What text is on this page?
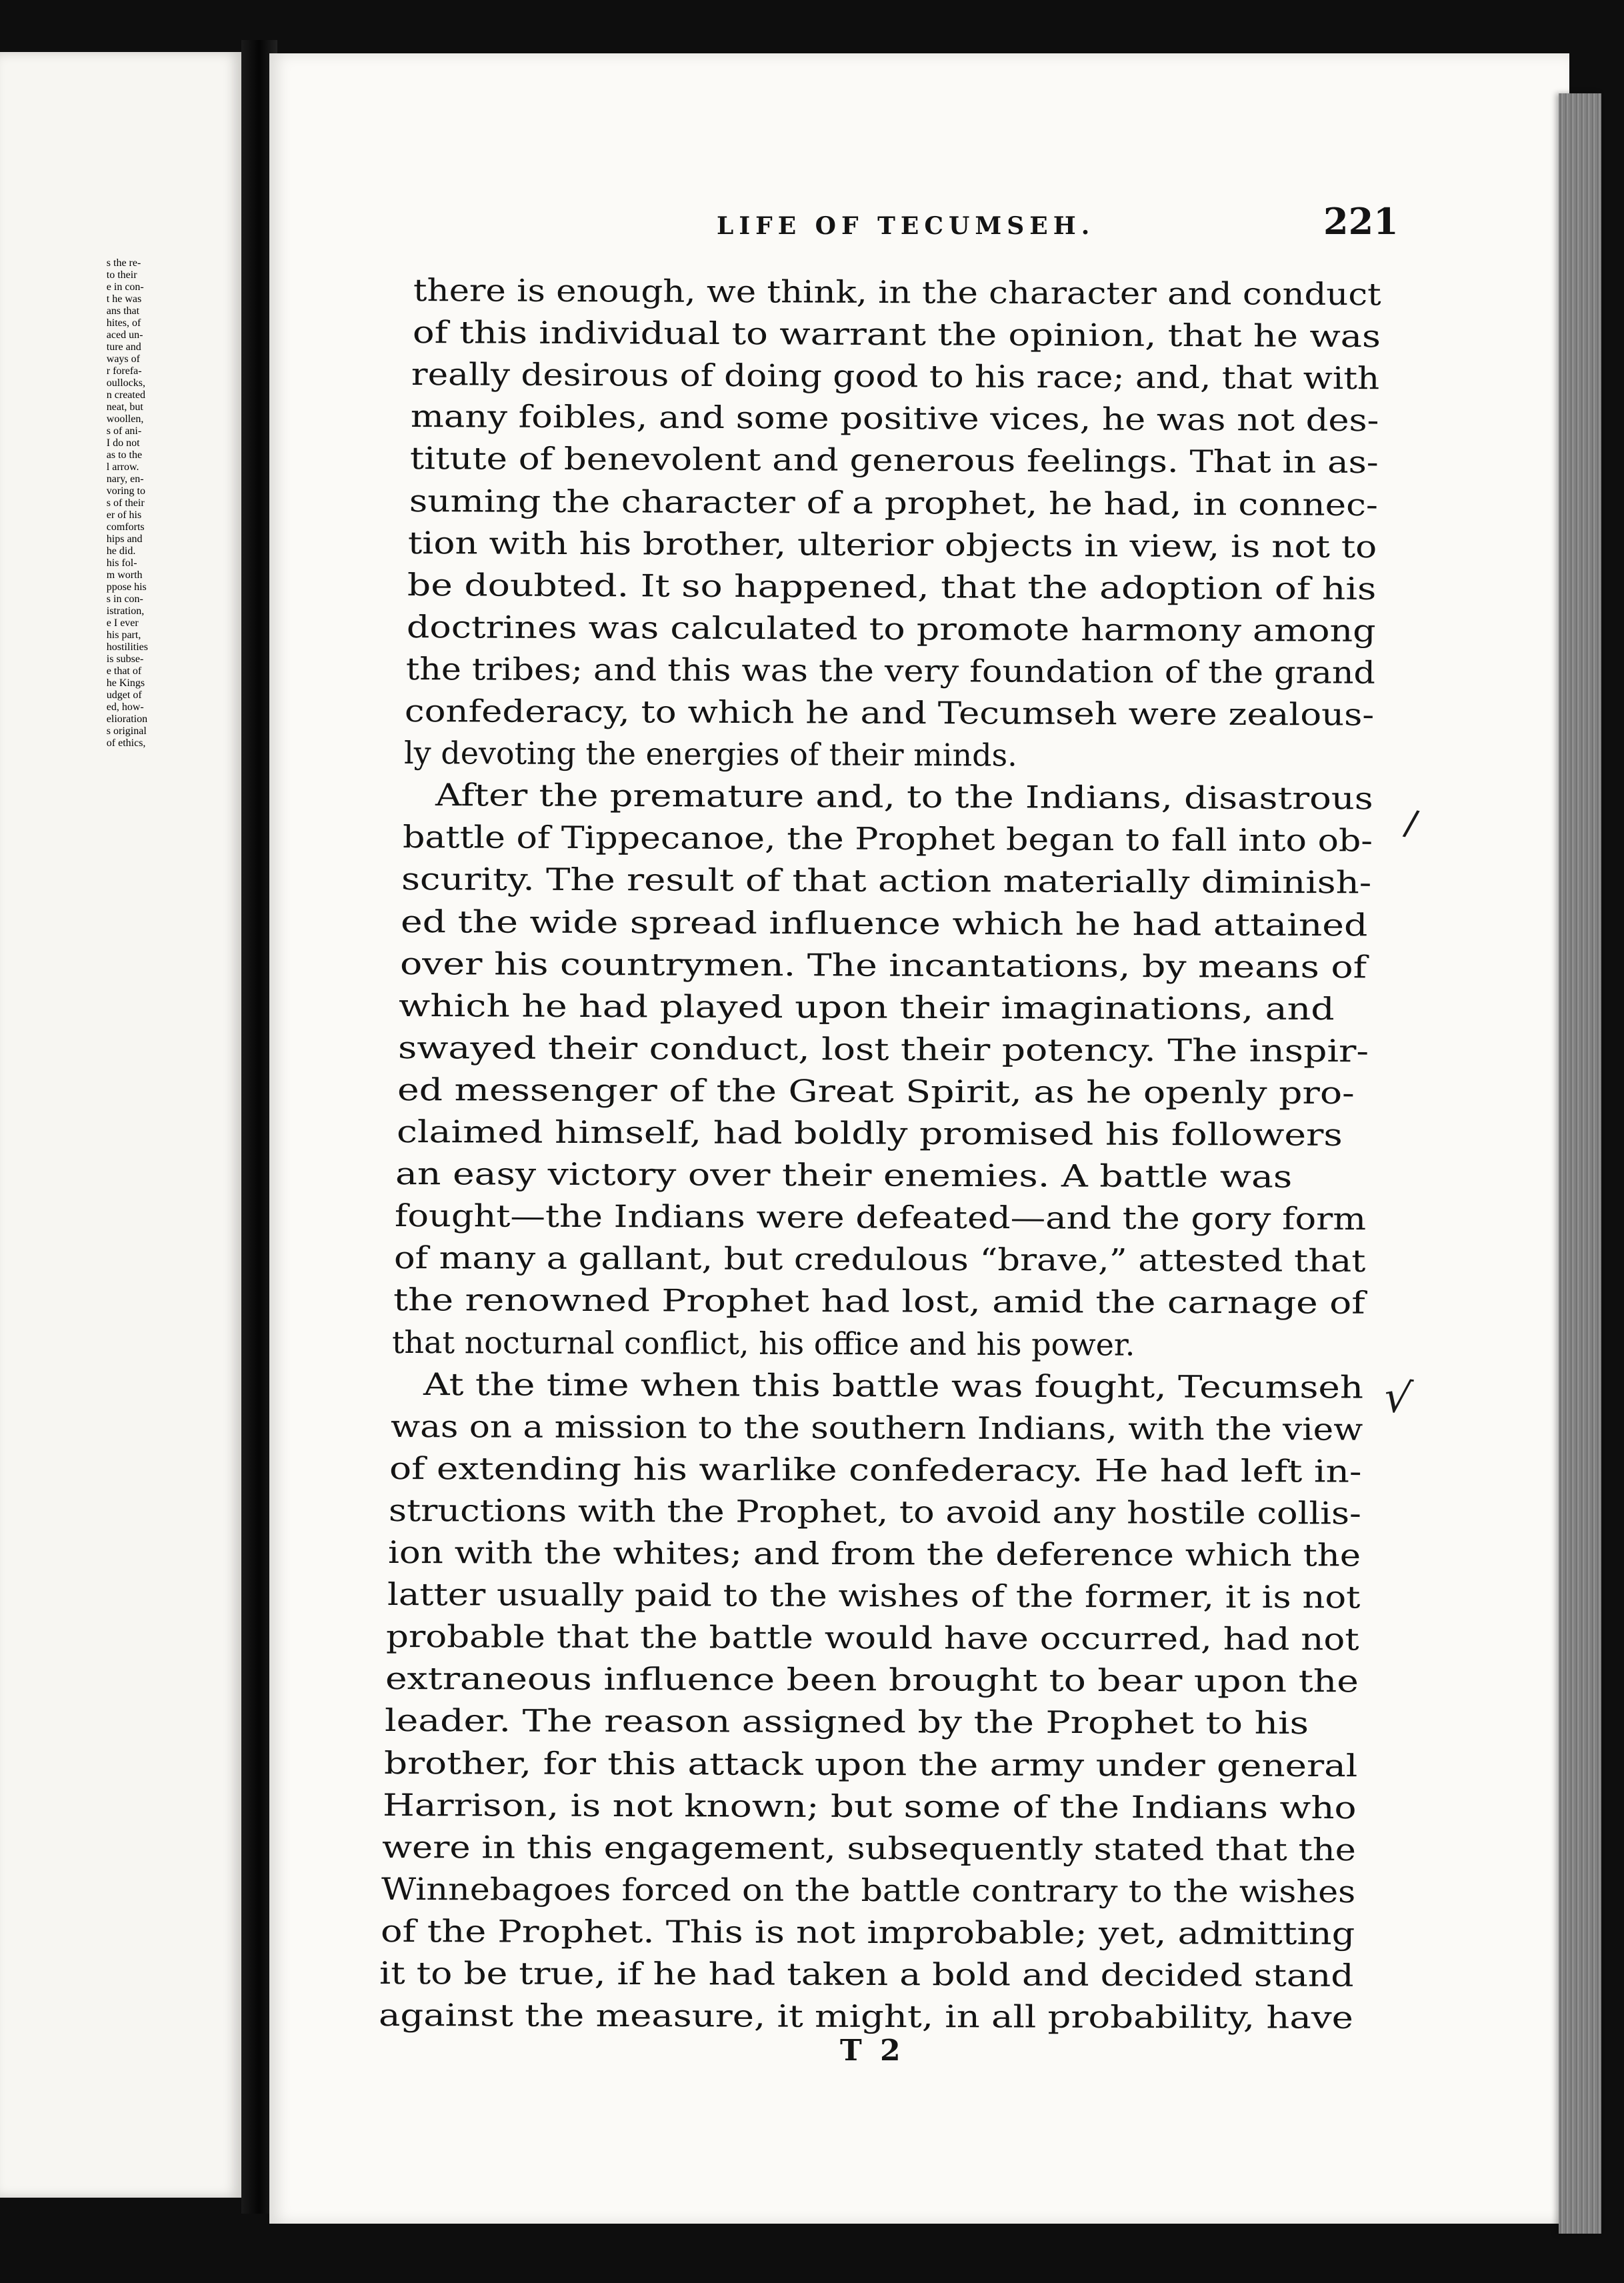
s the re-
to their
e in con-
t he was
ans that
hites, of
aced un-
ture and
ways of
r forefa-
oullocks,
n created
neat, but
woollen,
s of ani-
I do not
as to the
l arrow.
nary, en-
voring to
s of their
er of his
comforts
hips and
he did.
his fol-
m worth
ppose his
s in con-
istration,
e I ever
his part,
hostilities
is subse-
e that of
he Kings
udget of
ed, how-
elioration
s original
of ethics,
LIFE OF TECUMSEH.	221
there is enough, we think, in the character and conduct
of this individual to warrant the opinion, that he was
really desirous of doing good to his race; and, that with
many foibles, and some positive vices, he was not des-
titute of benevolent and generous feelings. That in as-
suming the character of a prophet, he had, in connec-
tion with his brother, ulterior objects in view, is not to
be doubted. It so happened, that the adoption of his
doctrines was calculated to promote harmony among
the tribes; and this was the very foundation of the grand
confederacy, to which he and Tecumseh were zealous-
ly devoting the energies of their minds.
After the premature and, to the Indians, disastrous
battle of Tippecanoe, the Prophet began to fall into ob-
scurity. The result of that action materially diminish-
ed the wide spread influence which he had attained
over his countrymen. The incantations, by means of
which he had played upon their imaginations, and
swayed their conduct, lost their potency. The inspir-
ed messenger of the Great Spirit, as he openly pro-
claimed himself, had boldly promised his followers
an easy victory over their enemies. A battle was
fought—the Indians were defeated—and the gory form
of many a gallant, but credulous “brave,” attested that
the renowned Prophet had lost, amid the carnage of
that nocturnal conflict, his office and his power.
At the time when this battle was fought, Tecumseh
was on a mission to the southern Indians, with the view
of extending his warlike confederacy. He had left in-
structions with the Prophet, to avoid any hostile collis-
ion with the whites; and from the deference which the
latter usually paid to the wishes of the former, it is not
probable that the battle would have occurred, had not
extraneous influence been brought to bear upon the
leader. The reason assigned by the Prophet to his
brother, for this attack upon the army under general
Harrison, is not known; but some of the Indians who
were in this engagement, subsequently stated that the
Winnebagoes forced on the battle contrary to the wishes
of the Prophet. This is not improbable; yet, admitting
it to be true, if he had taken a bold and decided stand
against the measure, it might, in all probability, have
T 2
/
√
